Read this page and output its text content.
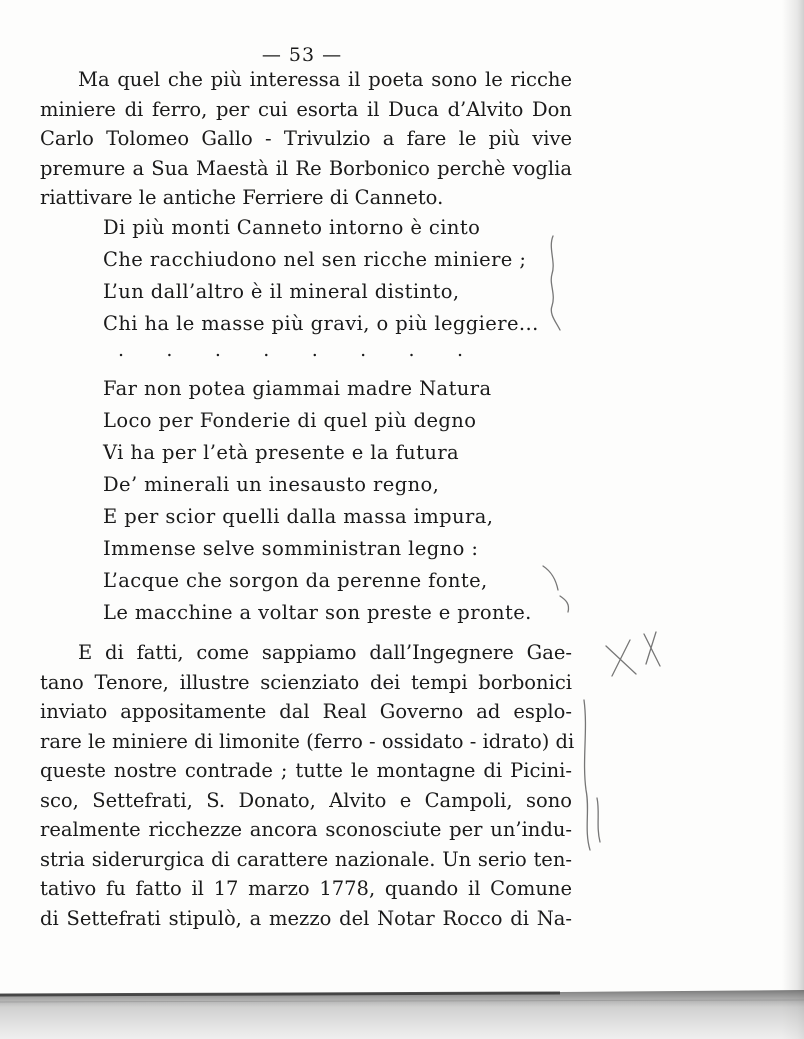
— 53 —
Ma quel che più interessa il poeta sono le ricche
miniere di ferro, per cui esorta il Duca d’Alvito Don
Carlo Tolomeo Gallo - Trivulzio a fare le più vive
premure a Sua Maestà il Re Borbonico perchè voglia
riattivare le antiche Ferriere di Canneto.
Di più monti Canneto intorno è cinto
Che racchiudono nel sen ricche miniere ;
L’un dall’altro è il mineral distinto,
Chi ha le masse più gravi, o più leggiere...
. . . . . . . .
Far non potea giammai madre Natura
Loco per Fonderie di quel più degno
Vi ha per l’età presente e la futura
De’ minerali un inesausto regno,
E per scior quelli dalla massa impura,
Immense selve somministran legno :
L’acque che sorgon da perenne fonte,
Le macchine a voltar son preste e pronte.
E di fatti, come sappiamo dall’Ingegnere Gae-
tano Tenore, illustre scienziato dei tempi borbonici
inviato appositamente dal Real Governo ad esplo-
rare le miniere di limonite (ferro - ossidato - idrato) di
queste nostre contrade ; tutte le montagne di Picini-
sco, Settefrati, S. Donato, Alvito e Campoli, sono
realmente ricchezze ancora sconosciute per un’indu-
stria siderurgica di carattere nazionale. Un serio ten-
tativo fu fatto il 17 marzo 1778, quando il Comune
di Settefrati stipulò, a mezzo del Notar Rocco di Na-
